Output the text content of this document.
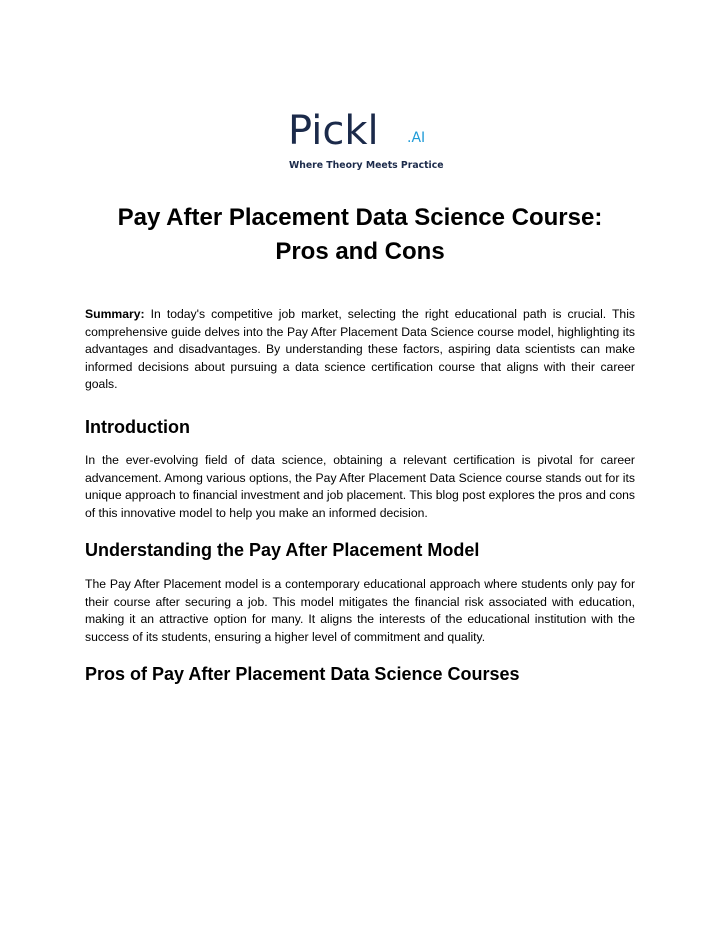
Pickl .AI
Where Theory Meets Practice
Pay After Placement Data Science Course:
Pros and Cons

Summary: In today's competitive job market, selecting the right educational path is crucial. This comprehensive guide delves into the Pay After Placement Data Science course model, highlighting its advantages and disadvantages. By understanding these factors, aspiring data scientists can make informed decisions about pursuing a data science certification course that aligns with their career goals.

Introduction

In the ever-evolving field of data science, obtaining a relevant certification is pivotal for career advancement. Among various options, the Pay After Placement Data Science course stands out for its unique approach to financial investment and job placement. This blog post explores the pros and cons of this innovative model to help you make an informed decision.

Understanding the Pay After Placement Model

The Pay After Placement model is a contemporary educational approach where students only pay for their course after securing a job. This model mitigates the financial risk associated with education, making it an attractive option for many. It aligns the interests of the educational institution with the success of its students, ensuring a higher level of commitment and quality.

Pros of Pay After Placement Data Science Courses
